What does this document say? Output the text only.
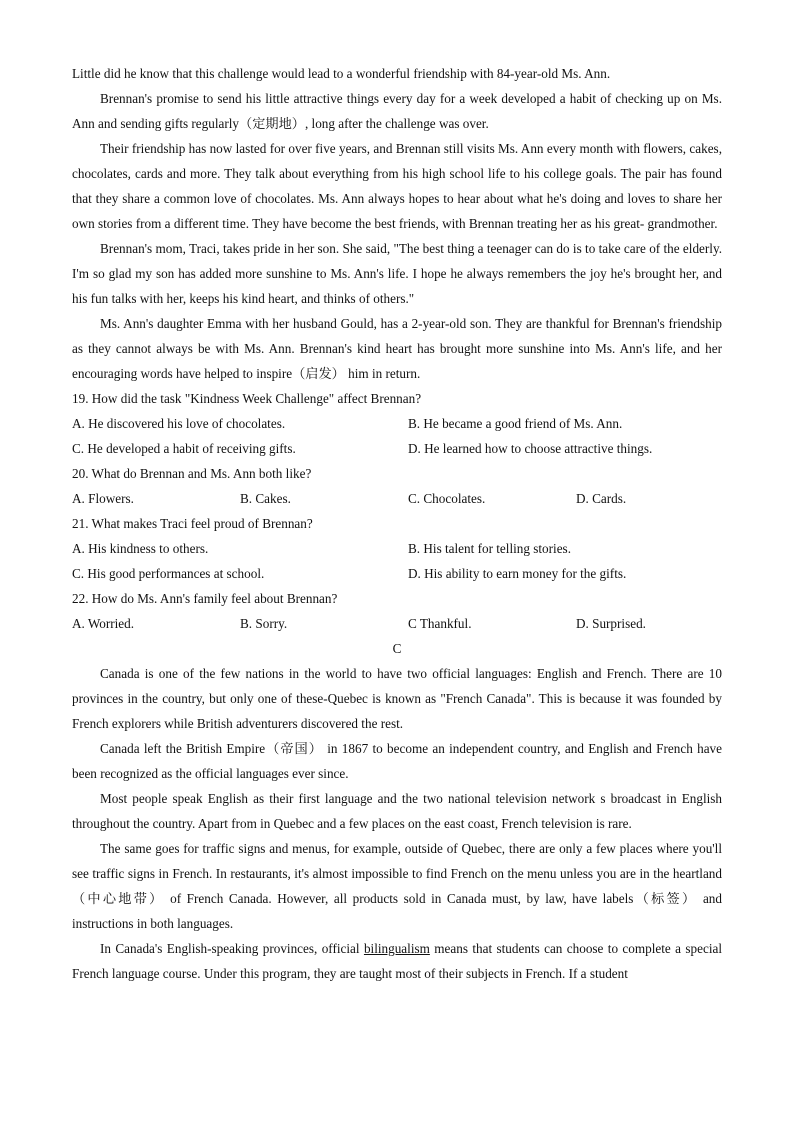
Little did he know that this challenge would lead to a wonderful friendship with 84-year-old Ms. Ann.

Brennan's promise to send his little attractive things every day for a week developed a habit of checking up on Ms. Ann and sending gifts regularly（定期地）, long after the challenge was over.

Their friendship has now lasted for over five years, and Brennan still visits Ms. Ann every month with flowers, cakes, chocolates, cards and more. They talk about everything from his high school life to his college goals. The pair has found that they share a common love of chocolates. Ms. Ann always hopes to hear about what he's doing and loves to share her own stories from a different time. They have become the best friends, with Brennan treating her as his great- grandmother.

Brennan's mom, Traci, takes pride in her son. She said, "The best thing a teenager can do is to take care of the elderly. I'm so glad my son has added more sunshine to Ms. Ann's life. I hope he always remembers the joy he's brought her, and his fun talks with her, keeps his kind heart, and thinks of others."

Ms. Ann's daughter Emma with her husband Gould, has a 2-year-old son. They are thankful for Brennan's friendship as they cannot always be with Ms. Ann. Brennan's kind heart has brought more sunshine into Ms. Ann's life, and her encouraging words have helped to inspire（启发） him in return.

19. How did the task "Kindness Week Challenge" affect Brennan?

A. He discovered his love of chocolates.	B. He became a good friend of Ms. Ann.
C. He developed a habit of receiving gifts.	D. He learned how to choose attractive things.

20. What do Brennan and Ms. Ann both like?

A. Flowers.	B. Cakes.	C. Chocolates.	D. Cards.

21. What makes Traci feel proud of Brennan?

A. His kindness to others.	B. His talent for telling stories.
C. His good performances at school.	D. His ability to earn money for the gifts.

22. How do Ms. Ann's family feel about Brennan?

A. Worried.	B. Sorry.	C Thankful.	D. Surprised.

C

Canada is one of the few nations in the world to have two official languages: English and French. There are 10 provinces in the country, but only one of these-Quebec is known as "French Canada". This is because it was founded by French explorers while British adventurers discovered the rest.

Canada left the British Empire（帝国） in 1867 to become an independent country, and English and French have been recognized as the official languages ever since.

Most people speak English as their first language and the two national television network s broadcast in English throughout the country. Apart from in Quebec and a few places on the east coast, French television is rare.

The same goes for traffic signs and menus, for example, outside of Quebec, there are only a few places where you'll see traffic signs in French. In restaurants, it's almost impossible to find French on the menu unless you are in the heartland（中心地带） of French Canada. However, all products sold in Canada must, by law, have labels（标签） and instructions in both languages.

In Canada's English-speaking provinces, official bilingualism means that students can choose to complete a special French language course. Under this program, they are taught most of their subjects in French. If a student
